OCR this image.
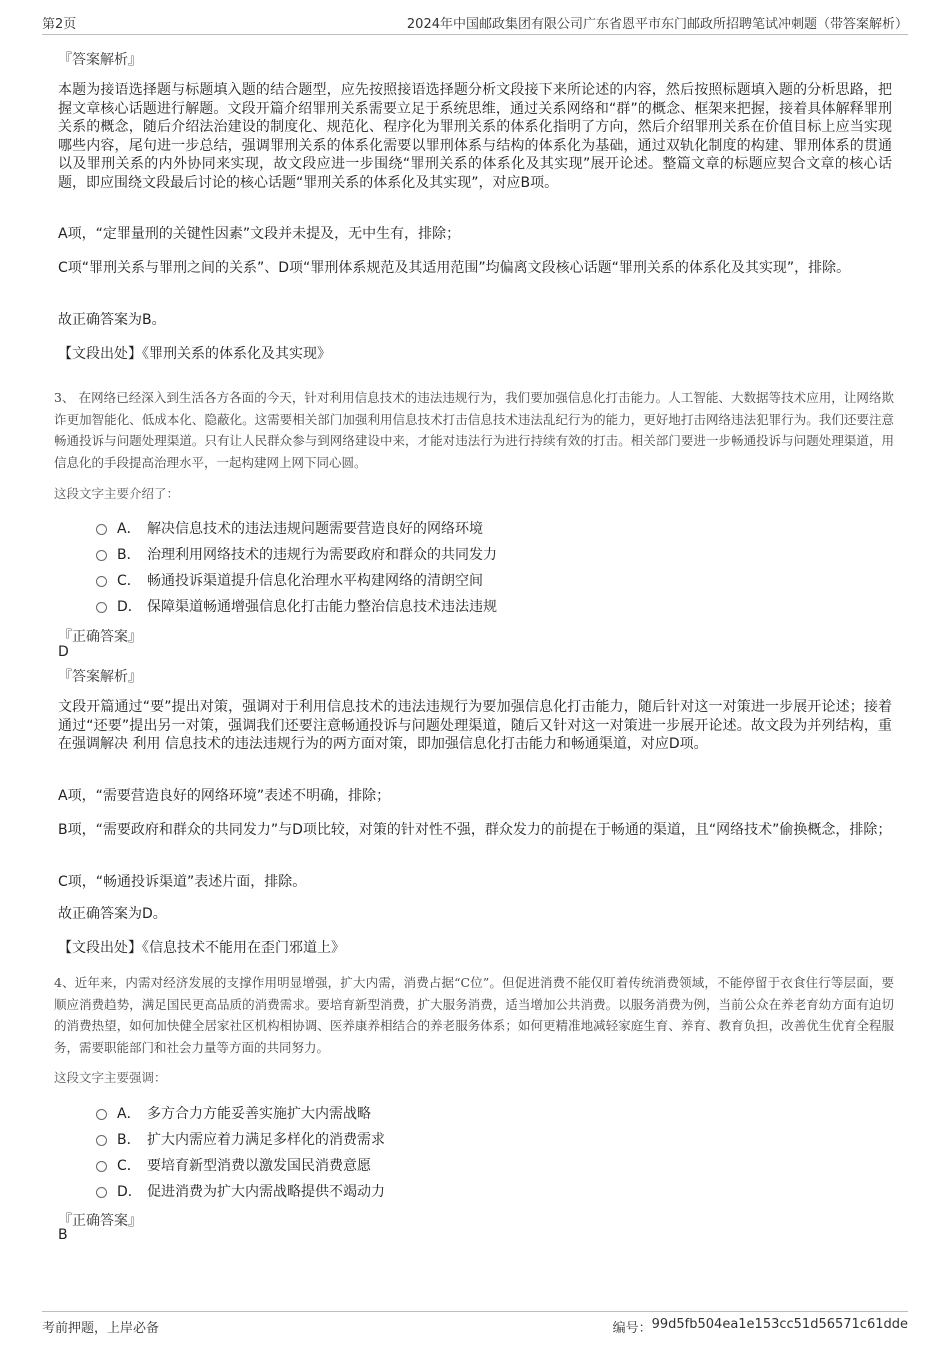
第2页	2024年中国邮政集团有限公司广东省恩平市东门邮政所招聘笔试冲刺题（带答案解析）
『答案解析』
本题为接语选择题与标题填入题的结合题型，应先按照接语选择题分析文段接下来所论述的内容，然后按照标题填入题的分析思路，把握文章核心话题进行解题。文段开篇介绍罪刑关系需要立足于系统思维，通过关系网络和“群”的概念、框架来把握，接着具体解释罪刑关系的概念，随后介绍法治建设的制度化、规范化、程序化为罪刑关系的体系化指明了方向，然后介绍罪刑关系在价值目标上应当实现哪些内容，尾句进一步总结，强调罪刑关系的体系化需要以罪刑体系与结构的体系化为基础，通过双轨化制度的构建、罪刑体系的贯通以及罪刑关系的内外协同来实现，故文段应进一步围绕“罪刑关系的体系化及其实现”展开论述。整篇文章的标题应契合文章的核心话题，即应围绕文段最后讨论的核心话题“罪刑关系的体系化及其实现”，对应B项。
A项，“定罪量刑的关键性因素”文段并未提及，无中生有，排除；
C项“罪刑关系与罪刑之间的关系”、D项“罪刑体系规范及其适用范围”均偏离文段核心话题“罪刑关系的体系化及其实现”，排除。
故正确答案为B。
【文段出处】《罪刑关系的体系化及其实现》
3、 在网络已经深入到生活各方各面的今天，针对利用信息技术的违法违规行为，我们要加强信息化打击能力。人工智能、大数据等技术应用，让网络欺诈更加智能化、低成本化、隐蔽化。这需要相关部门加强利用信息技术打击信息技术违法乱纪行为的能力，更好地打击网络违法犯罪行为。我们还要注意畅通投诉与问题处理渠道。只有让人民群众参与到网络建设中来，才能对违法行为进行持续有效的打击。相关部门要进一步畅通投诉与问题处理渠道，用信息化的手段提高治理水平，一起构建网上网下同心圆。
这段文字主要介绍了：
A． 解决信息技术的违法违规问题需要营造良好的网络环境
B． 治理利用网络技术的违规行为需要政府和群众的共同发力
C． 畅通投诉渠道提升信息化治理水平构建网络的清朗空间
D． 保障渠道畅通增强信息化打击能力整治信息技术违法违规
『正确答案』
D
『答案解析』
文段开篇通过“要”提出对策，强调对于利用信息技术的违法违规行为要加强信息化打击能力，随后针对这一对策进一步展开论述；接着通过“还要”提出另一对策，强调我们还要注意畅通投诉与问题处理渠道，随后又针对这一对策进一步展开论述。故文段为并列结构，重在强调解决 利用 信息技术的违法违规行为的两方面对策，即加强信息化打击能力和畅通渠道，对应D项。
A项，“需要营造良好的网络环境”表述不明确，排除；
B项，“需要政府和群众的共同发力”与D项比较，对策的针对性不强，群众发力的前提在于畅通的渠道，且“网络技术”偷换概念，排除；
C项，“畅通投诉渠道”表述片面，排除。
故正确答案为D。
【文段出处】《信息技术不能用在歪门邪道上》
4、近年来，内需对经济发展的支撑作用明显增强，扩大内需，消费占据“C位”。但促进消费不能仅盯着传统消费领域，不能停留于衣食住行等层面，要顺应消费趋势，满足国民更高品质的消费需求。要培育新型消费，扩大服务消费，适当增加公共消费。以服务消费为例，当前公众在养老育幼方面有迫切的消费热望，如何加快健全居家社区机构相协调、医养康养相结合的养老服务体系；如何更精准地减轻家庭生育、养育、教育负担，改善优生优育全程服务，需要职能部门和社会力量等方面的共同努力。
这段文字主要强调：
A． 多方合力方能妥善实施扩大内需战略
B． 扩大内需应着力满足多样化的消费需求
C． 要培育新型消费以激发国民消费意愿
D． 促进消费为扩大内需战略提供不竭动力
『正确答案』
B
考前押题，上岸必备	编号： 99d5fb504ea1e153cc51d56571c61dde
